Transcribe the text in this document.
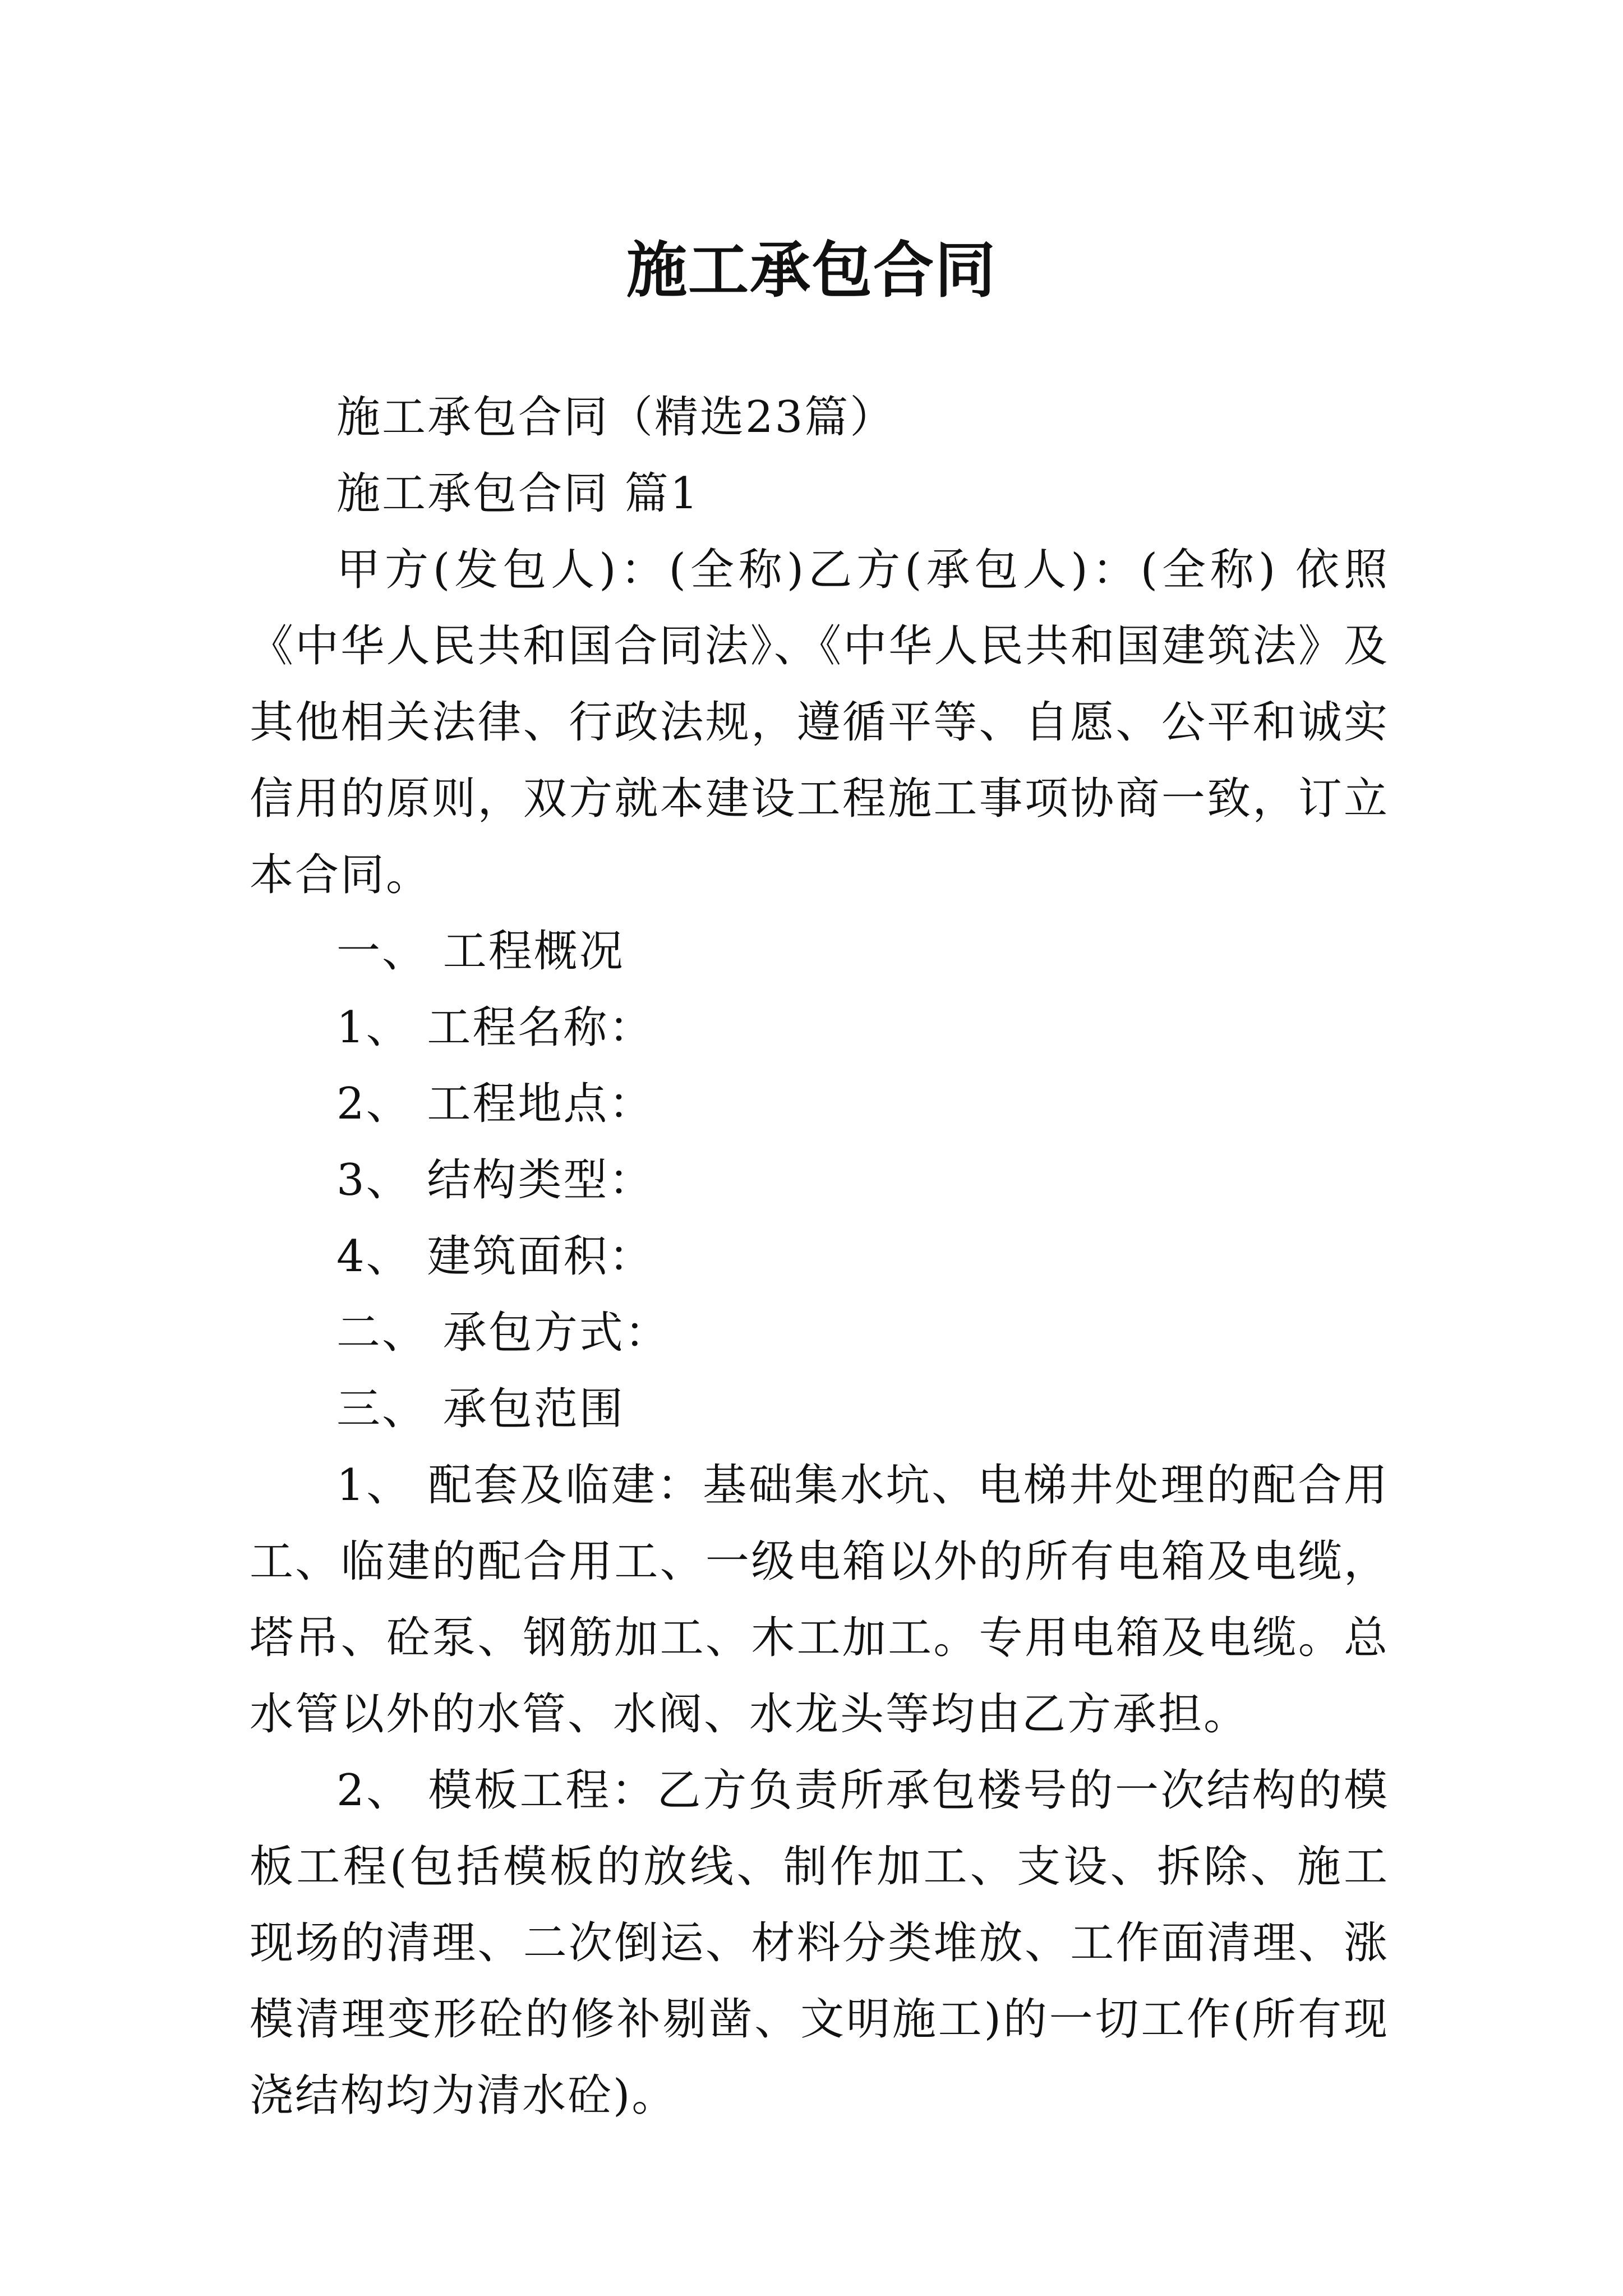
施工承包合同

施工承包合同（精选23篇）

施工承包合同 篇1

甲方(发包人)：(全称)乙方(承包人)：(全称) 依照《中华人民共和国合同法》、《中华人民共和国建筑法》及其他相关法律、行政法规，遵循平等、自愿、公平和诚实信用的原则，双方就本建设工程施工事项协商一致，订立本合同。

一、 工程概况

1、 工程名称：

2、 工程地点：

3、 结构类型：

4、 建筑面积：

二、 承包方式：

三、 承包范围

1、 配套及临建：基础集水坑、电梯井处理的配合用工、临建的配合用工、一级电箱以外的所有电箱及电缆，塔吊、砼泵、钢筋加工、木工加工。专用电箱及电缆。总水管以外的水管、水阀、水龙头等均由乙方承担。

2、 模板工程：乙方负责所承包楼号的一次结构的模板工程(包括模板的放线、制作加工、支设、拆除、施工现场的清理、二次倒运、材料分类堆放、工作面清理、涨模清理变形砼的修补剔凿、文明施工)的一切工作(所有现浇结构均为清水砼)。
